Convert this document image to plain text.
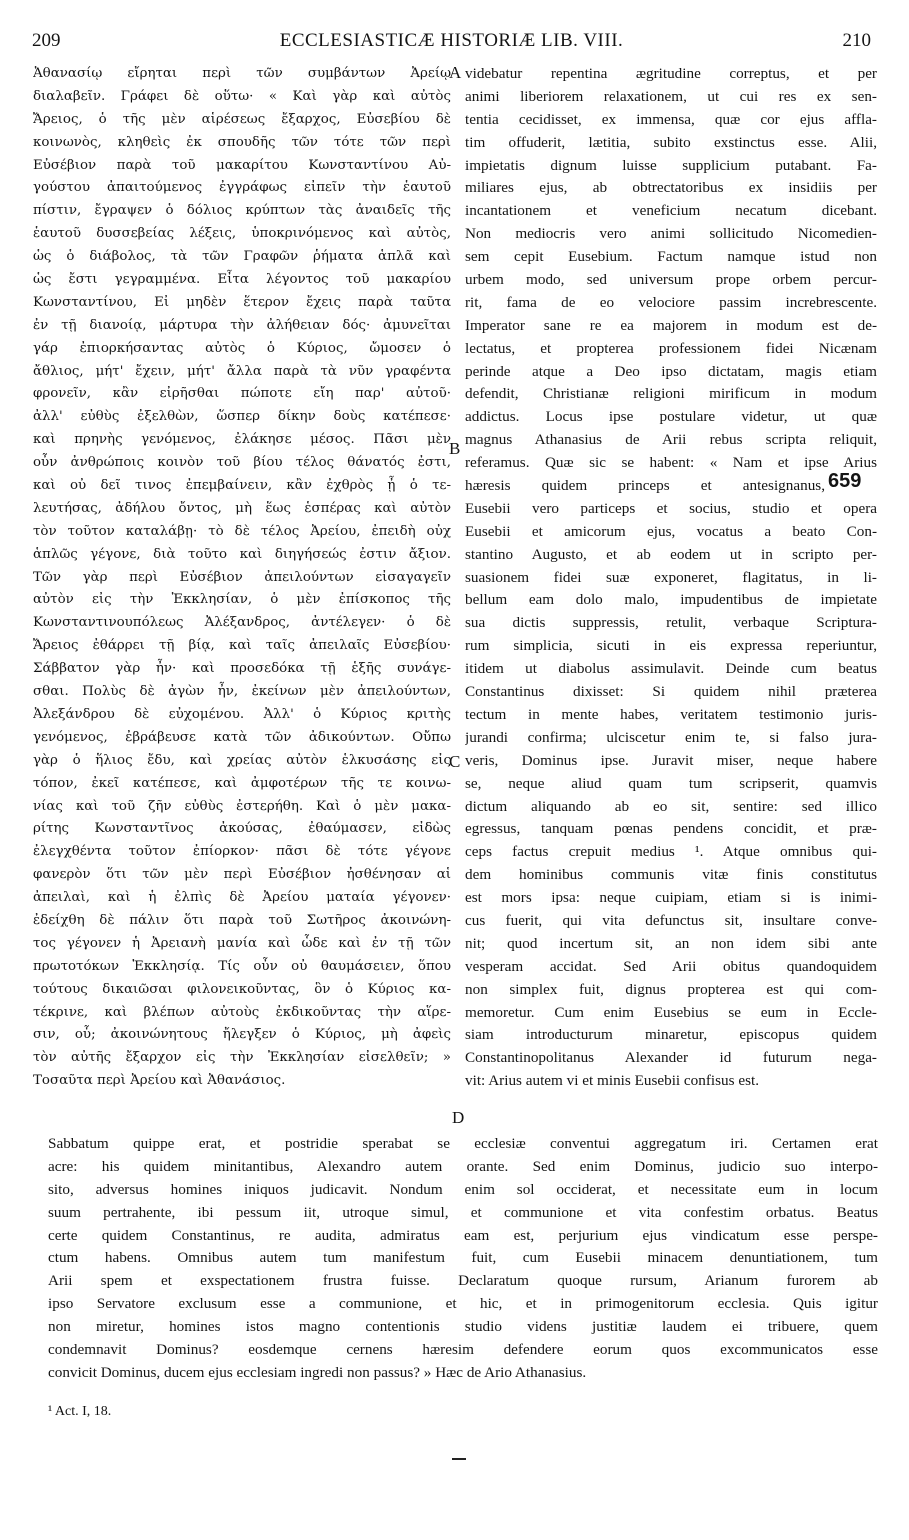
209	ECCLESIASTICÆ HISTORIÆ LIB. VIII.	210
Ἀθανασίῳ εἴρηται περὶ τῶν συμβάντων Ἀρείῳ
διαλαβεῖν. Γράφει δὲ οὕτω· « Καὶ γὰρ καὶ αὐτὸς
Ἄρειος, ὁ τῆς μὲν αἱρέσεως ἔξαρχος, Εὐσεβίου δὲ
κοινωνὸς, κληθεὶς ἐκ σπουδῆς τῶν τότε τῶν περὶ
Εὐσέβιον παρὰ τοῦ μακαρίτου Κωνσταντίνου Αὐ-
γούστου ἀπαιτούμενος ἐγγράφως εἰπεῖν τὴν ἑαυτοῦ
πίστιν, ἔγραψεν ὁ δόλιος κρύπτων τὰς ἀναιδεῖς τῆς
ἑαυτοῦ δυσσεβείας λέξεις, ὑποκρινόμενος καὶ αὐτὸς,
ὡς ὁ διάβολος, τὰ τῶν Γραφῶν ῥήματα ἁπλᾶ καὶ
ὡς ἔστι γεγραμμένα. Εἶτα λέγοντος τοῦ μακαρίου
Κωνσταντίνου, Εἰ μηδὲν ἕτερον ἔχεις παρὰ ταῦτα
ἐν τῇ διανοίᾳ, μάρτυρα τὴν ἀλήθειαν δός· ἀμυνεῖται
γάρ ἐπιορκήσαντας αὐτὸς ὁ Κύριος, ὤμοσεν ὁ
ἄθλιος, μήτ' ἔχειν, μήτ' ἄλλα παρὰ τὰ νῦν γραφέντα
φρονεῖν, κἂν εἰρῆσθαι πώποτε εἴη παρ' αὐτοῦ·
ἀλλ' εὐθὺς ἐξελθὼν, ὥσπερ δίκην δοὺς κατέπεσε·
καὶ πρηνὴς γενόμενος, ἐλάκησε μέσος. Πᾶσι μὲν
οὖν ἀνθρώποις κοινὸν τοῦ βίου τέλος θάνατός ἐστι,
καὶ οὐ δεῖ τινος ἐπεμβαίνειν, κἂν ἐχθρὸς ᾖ ὁ τε-
λευτήσας, ἀδήλου ὄντος, μὴ ἕως ἑσπέρας καὶ αὐτὸν
τὸν τοῦτον καταλάβῃ· τὸ δὲ τέλος Ἀρείου, ἐπειδὴ οὐχ
ἁπλῶς γέγονε, διὰ τοῦτο καὶ διηγήσεώς ἐστιν ἄξιον.
Τῶν γὰρ περὶ Εὐσέβιον ἀπειλούντων εἰσαγαγεῖν
αὐτὸν εἰς τὴν Ἐκκλησίαν, ὁ μὲν ἐπίσκοπος τῆς
Κωνσταντινουπόλεως Ἀλέξανδρος, ἀντέλεγεν· ὁ δὲ
Ἄρειος ἐθάρρει τῇ βίᾳ, καὶ ταῖς ἀπειλαῖς Εὐσεβίου·
Σάββατον γὰρ ἦν· καὶ προσεδόκα τῇ ἑξῆς συνάγε-
σθαι. Πολὺς δὲ ἀγὼν ἦν, ἐκείνων μὲν ἀπειλούντων,
Ἀλεξάνδρου δὲ εὐχομένου. Ἀλλ' ὁ Κύριος κριτὴς
γενόμενος, ἐβράβευσε κατὰ τῶν ἀδικούντων. Οὔπω
γὰρ ὁ ἥλιος ἔδυ, καὶ χρείας αὐτὸν ἑλκυσάσης εἰς
τόπον, ἐκεῖ κατέπεσε, καὶ ἀμφοτέρων τῆς τε κοινω-
νίας καὶ τοῦ ζῆν εὐθὺς ἐστερήθη. Καὶ ὁ μὲν μακα-
ρίτης Κωνσταντῖνος ἀκούσας, ἐθαύμασεν, εἰδὼς
ἐλεγχθέντα τοῦτον ἐπίορκον· πᾶσι δὲ τότε γέγονε
φανερὸν ὅτι τῶν μὲν περὶ Εὐσέβιον ἠσθένησαν αἱ
ἀπειλαὶ, καὶ ἡ ἐλπὶς δὲ Ἀρείου ματαία γέγονεν·
ἐδείχθη δὲ πάλιν ὅτι παρὰ τοῦ Σωτῆρος ἀκοινώνη-
τος γέγονεν ἡ Ἀρειανὴ μανία καὶ ὧδε καὶ ἐν τῇ τῶν
πρωτοτόκων Ἐκκλησίᾳ. Τίς οὖν οὐ θαυμάσειεν, ὅπου
τούτους δικαιῶσαι φιλονεικοῦντας, ὃν ὁ Κύριος κα-
τέκρινε, καὶ βλέπων αὐτοὺς ἐκδικοῦντας τὴν αἵρε-
σιν, οὗ; ἀκοινώνητους ἤλεγξεν ὁ Κύριος, μὴ ἀφεὶς
τὸν αὐτῆς ἔξαρχον εἰς τὴν Ἐκκλησίαν εἰσελθεῖν; »
Τοσαῦτα περὶ Ἀρείου καὶ Ἀθανάσιος.
videbatur repentina ægritudine correptus, et per
animi liberiorem relaxationem, ut cui res ex sen-
tentia cecidisset, ex immensa, quæ cor ejus affla-
tim offuderit, lætitia, subito exstinctus esse. Alii,
impietatis dignum luisse supplicium putabant. Fa-
miliares ejus, ab obtrectatoribus ex insidiis per
incantationem et veneficium necatum dicebant.
Non mediocris vero animi sollicitudo Nicomedien-
sem cepit Eusebium. Factum namque istud non
urbem modo, sed universum prope orbem percur-
rit, fama de eo velociore passim increbrescente.
Imperator sane re ea majorem in modum est de-
lectatus, et propterea professionem fidei Nicænam
perinde atque a Deo ipso dictatam, magis etiam
defendit, Christianæ religioni mirificum in modum
addictus. Locus ipse postulare videtur, ut quæ
magnus Athanasius de Arii rebus scripta reliquit,
referamus. Quæ sic se habent: « Nam et ipse Arius
hæresis quidem princeps et antesignanus,
Eusebii vero particeps et socius, studio et opera
Eusebii et amicorum ejus, vocatus a beato Con-
stantino Augusto, et ab eodem ut in scripto per-
suasionem fidei suæ exponeret, flagitatus, in li-
bellum eam dolo malo, impudentibus de impietate
sua dictis suppressis, retulit, verbaque Scriptura-
rum simplicia, sicuti in eis expressa reperiuntur,
itidem ut diabolus assimulavit. Deinde cum beatus
Constantinus dixisset: Si quidem nihil præterea
tectum in mente habes, veritatem testimonio juris-
jurandi confirma; ulciscetur enim te, si falso jura-
veris, Dominus ipse. Juravit miser, neque habere
se, neque aliud quam tum scripserit, quamvis
dictum aliquando ab eo sit, sentire: sed illico
egressus, tanquam pœnas pendens concidit, et præ-
ceps factus crepuit medius ¹. Atque omnibus qui-
dem hominibus communis vitæ finis constitutus
est mors ipsa: neque cuipiam, etiam si is inimi-
cus fuerit, qui vita defunctus sit, insultare conve-
nit; quod incertum sit, an non idem sibi ante
vesperam accidat. Sed Arii obitus quandoquidem
non simplex fuit, dignus propterea est qui com-
memoretur. Cum enim Eusebius se eum in Eccle-
siam introducturum minaretur, episcopus quidem
Constantinopolitanus Alexander id futurum nega-
vit: Arius autem vi et minis Eusebii confisus est.
A
B
C
D
659
Sabbatum quippe erat, et postridie sperabat se ecclesiæ conventui aggregatum iri. Certamen erat
acre: his quidem minitantibus, Alexandro autem orante. Sed enim Dominus, judicio suo interpo-
sito, adversus homines iniquos judicavit. Nondum enim sol occiderat, et necessitate eum in locum
suum pertrahente, ibi pessum iit, utroque simul, et communione et vita confestim orbatus. Beatus
certe quidem Constantinus, re audita, admiratus eam est, perjurium ejus vindicatum esse perspe-
ctum habens. Omnibus autem tum manifestum fuit, cum Eusebii minacem denuntiationem, tum
Arii spem et exspectationem frustra fuisse. Declaratum quoque rursum, Arianum furorem ab
ipso Servatore exclusum esse a communione, et hic, et in primogenitorum ecclesia. Quis igitur
non miretur, homines istos magno contentionis studio videns justitiæ laudem ei tribuere, quem
condemnavit Dominus? eosdemque cernens hæresim defendere eorum quos excommunicatos esse
convicit Dominus, ducem ejus ecclesiam ingredi non passus? » Hæc de Ario Athanasius.
¹ Act. I, 18.
